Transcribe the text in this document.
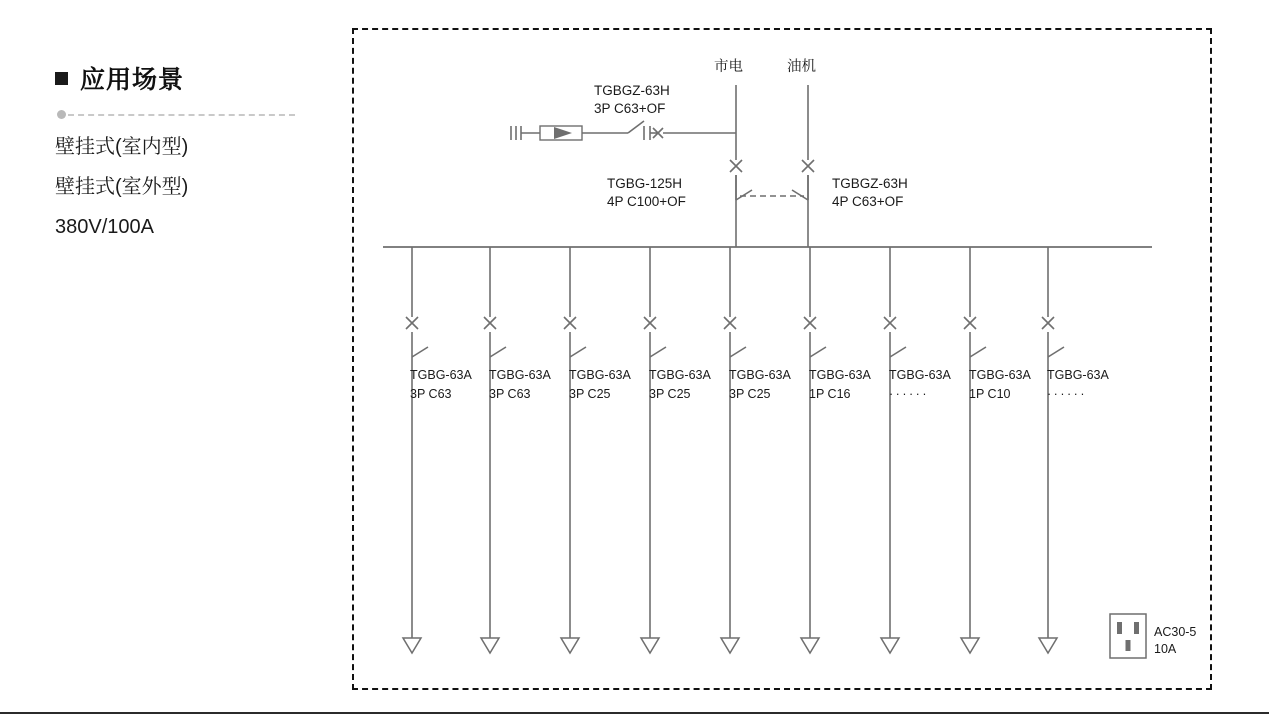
应用场景
壁挂式(室内型)
壁挂式(室外型)
380V/100A
市电	油机
TGBGZ-63H
3P C63+OF
TGBG-125H
4P C100+OF
TGBGZ-63H
4P C63+OF
TGBG-63A
3P C63
TGBG-63A
3P C63
TGBG-63A
3P C25
TGBG-63A
3P C25
TGBG-63A
3P C25
TGBG-63A
1P C16
TGBG-63A
······
TGBG-63A
1P C10
TGBG-63A
······
AC30-5
10A
